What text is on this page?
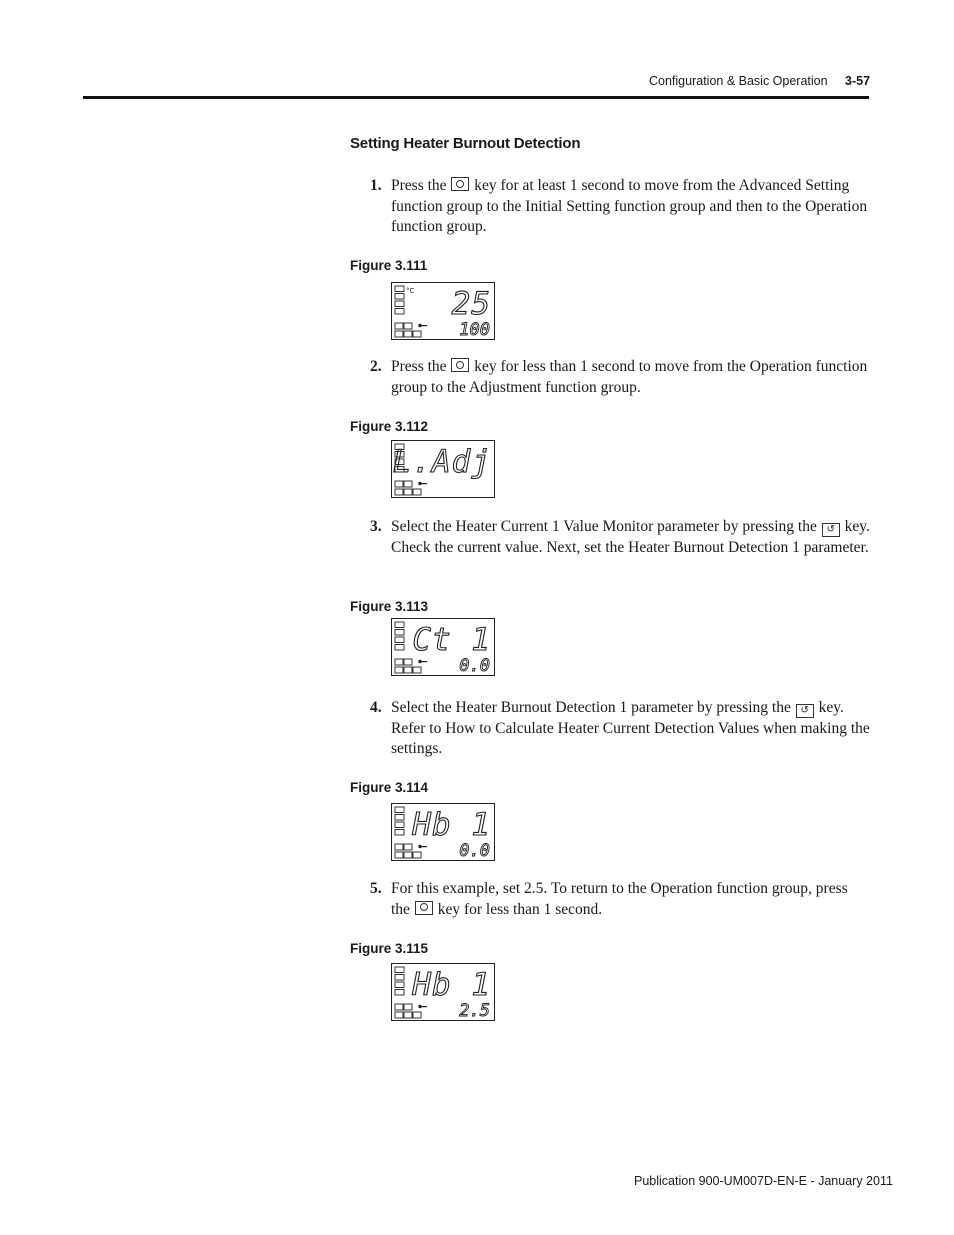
Configuration & Basic Operation 3-57
Setting Heater Burnout Detection
1. Press the  key for at least 1 second to move from the Advanced Setting function group to the Initial Setting function group and then to the Operation function group.
Figure 3.111
°C 25
100
2. Press the  key for less than 1 second to move from the Operation function group to the Adjustment function group.
Figure 3.112
L.Adj
3. Select the Heater Current 1 Value Monitor parameter by pressing the ↺ key. Check the current value. Next, set the Heater Burnout Detection 1 parameter.
Figure 3.113
Ct 1
0.0
4. Select the Heater Burnout Detection 1 parameter by pressing the ↺ key. Refer to How to Calculate Heater Current Detection Values when making the settings.
Figure 3.114
Hb 1
0.0
5. For this example, set 2.5. To return to the Operation function group, press the  key for less than 1 second.
Figure 3.115
Hb 1
2.5
Publication 900-UM007D-EN-E - January 2011
